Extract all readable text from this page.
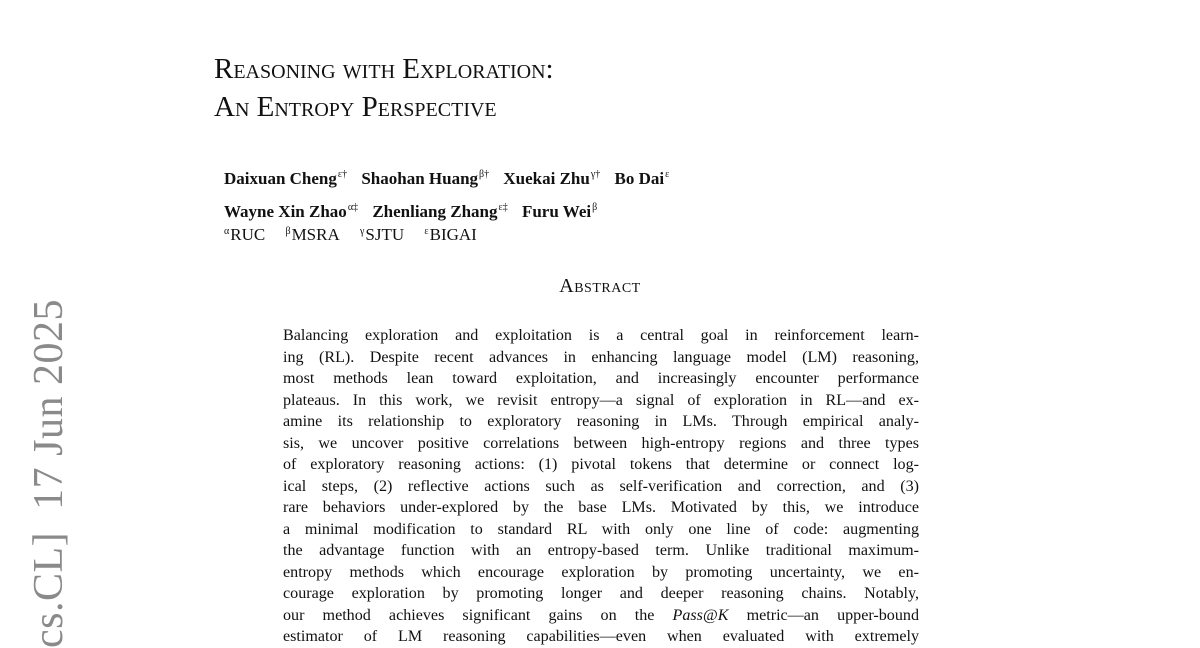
cs.CL]17 Jun 2025
Reasoning with Exploration:
An Entropy Perspective
Daixuan Cheng$^{\varepsilon\dagger}$ Shaohan Huang$^{\beta\dagger}$ Xuekai Zhu$^{\gamma\dagger}$ Bo Dai$^\varepsilon$
Wayne Xin Zhao$^{\alpha\ddagger}$ Zhenliang Zhang$^{\varepsilon\ddagger}$ Furu Wei$^\beta$
$^\alpha$RUC $^\beta$MSRA $^\gamma$SJTU $^\varepsilon$BIGAI
Abstract
Balancing exploration and exploitation is a central goal in reinforcement learn-
ing (RL). Despite recent advances in enhancing language model (LM) reasoning,
most methods lean toward exploitation, and increasingly encounter performance
plateaus. In this work, we revisit entropy—a signal of exploration in RL—and ex-
amine its relationship to exploratory reasoning in LMs. Through empirical analy-
sis, we uncover positive correlations between high-entropy regions and three types
of exploratory reasoning actions: (1) pivotal tokens that determine or connect log-
ical steps, (2) reflective actions such as self-verification and correction, and (3)
rare behaviors under-explored by the base LMs. Motivated by this, we introduce
a minimal modification to standard RL with only one line of code: augmenting
the advantage function with an entropy-based term. Unlike traditional maximum-
entropy methods which encourage exploration by promoting uncertainty, we en-
courage exploration by promoting longer and deeper reasoning chains. Notably,
our method achieves significant gains on the Pass@K metric—an upper-bound
estimator of LM reasoning capabilities—even when evaluated with extremely
